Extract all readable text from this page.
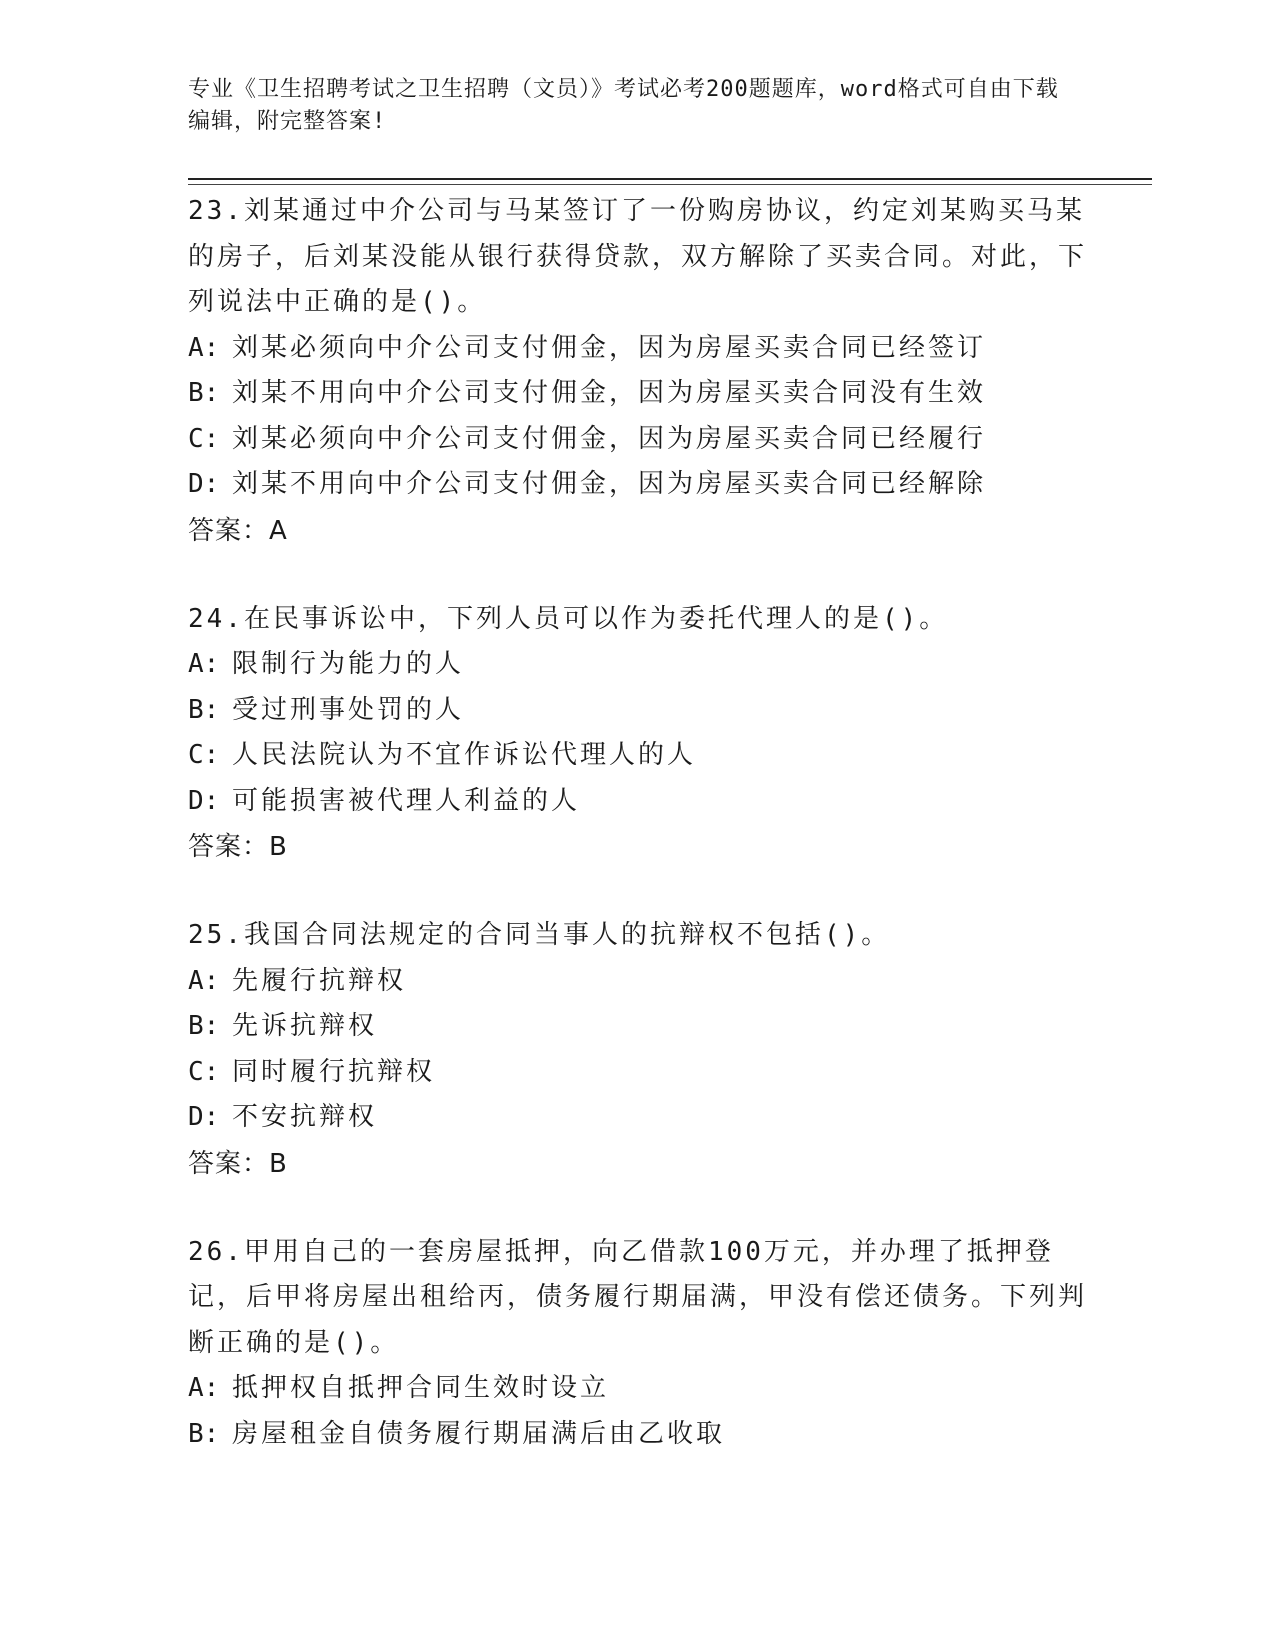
专业《卫生招聘考试之卫生招聘（文员）》考试必考200题题库，word格式可自由下载编辑，附完整答案!
23.刘某通过中介公司与马某签订了一份购房协议，约定刘某购买马某的房子，后刘某没能从银行获得贷款，双方解除了买卖合同。对此，下列说法中正确的是()。
A: 刘某必须向中介公司支付佣金，因为房屋买卖合同已经签订
B: 刘某不用向中介公司支付佣金，因为房屋买卖合同没有生效
C: 刘某必须向中介公司支付佣金，因为房屋买卖合同已经履行
D: 刘某不用向中介公司支付佣金，因为房屋买卖合同已经解除
答案：A
24.在民事诉讼中，下列人员可以作为委托代理人的是()。
A: 限制行为能力的人
B: 受过刑事处罚的人
C: 人民法院认为不宜作诉讼代理人的人
D: 可能损害被代理人利益的人
答案：B
25.我国合同法规定的合同当事人的抗辩权不包括()。
A: 先履行抗辩权
B: 先诉抗辩权
C: 同时履行抗辩权
D: 不安抗辩权
答案：B
26.甲用自己的一套房屋抵押，向乙借款100万元，并办理了抵押登记，后甲将房屋出租给丙，债务履行期届满，甲没有偿还债务。下列判断正确的是()。
A: 抵押权自抵押合同生效时设立
B: 房屋租金自债务履行期届满后由乙收取
